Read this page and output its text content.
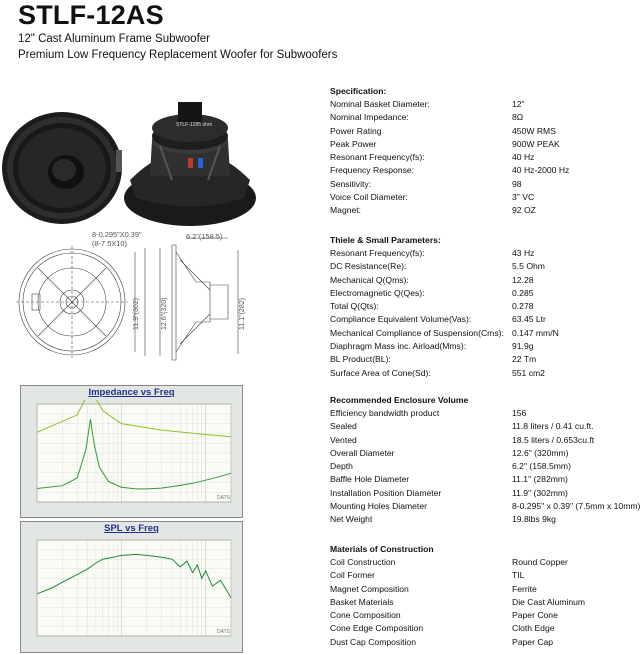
STLF-12AS
12" Cast Aluminum Frame Subwoofer
Premium Low Frequency Replacement Woofer for Subwoofers
STLF-1285 ohm
8-0.295"X0.39"
(8-7.5X10)
6.2"(158.5)
11.9"(302)	12.6"(320)	11.1"(282)
Impedance vs Freq
DATS
SPL vs Freq
DATS
Specification:
Nominal Basket Diameter:	12"
Nominal Impedance:	8Ω
Power Rating	450W RMS
Peak Power	900W PEAK
Resonant Frequency(fs):	40 Hz
Frequency Response:	40 Hz-2000 Hz
Sensitivity:	98
Voice Coil Diameter:	3" VC
Magnet:	92 OZ
Thiele & Small Parameters:
Resonant Frequency(fs):	43 Hz
DC Resistance(Re):	5.5 Ohm
Mechanical Q(Qms):	12.28
Electromagnetic Q(Qes):	0.285
Total Q(Qts):	0.278
Compliance Equivalent Volume(Vas):	63.45 Ltr
Mechanical Compliance of Suspension(Cms): 0.147 mm/N
Diaphragm Mass inc. Airload(Mms):	91.9g
BL Product(BL):	22 Tm
Surface Area of Cone(Sd):	551 cm2
Recommended Enclosure Volume
Efficiency bandwidth product	156
Sealed	11.8 liters / 0.41 cu.ft.
Vented	18.5 liters / 0.653cu.ft
Overall Diameter	12.6" (320mm)
Depth	6.2" (158.5mm)
Baffle Hole Diameter	11.1" (282mm)
Installation Position Diameter	11.9" (302mm)
Mounting Holes Diameter	8-0.295" x 0.39" (7.5mm x 10mm)
Net Weight	19.8lbs 9kg
Materials of Construction
Coil Construction	Round Copper
Coil Former	TIL
Magnet Composition	Ferrite
Basket Materials	Die Cast Aluminum
Cone Composition	Paper Cone
Cone Edge Composition	Cloth Edge
Dust Cap Composition	Paper Cap
